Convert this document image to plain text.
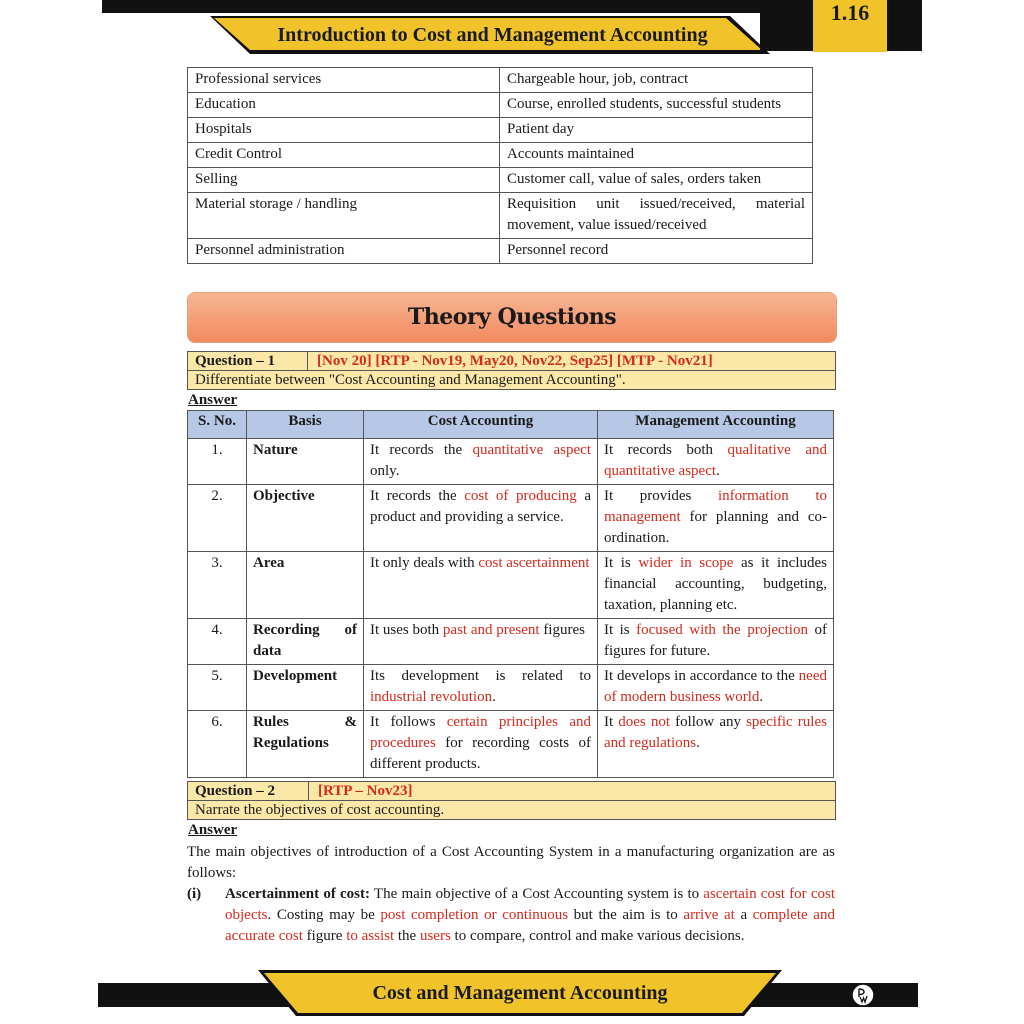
Introduction to Cost and Management Accounting
1.16
Professional services	Chargeable hour, job, contract
Education	Course, enrolled students, successful students
Hospitals	Patient day
Credit Control	Accounts maintained
Selling	Customer call, value of sales, orders taken
Material storage / handling	Requisition unit issued/received, material movement, value issued/received
Personnel administration	Personnel record
Theory Questions
Question – 1	[Nov 20] [RTP - Nov19, May20, Nov22, Sep25] [MTP - Nov21]
Differentiate between "Cost Accounting and Management Accounting".
Answer
S. No.	Basis	Cost Accounting	Management Accounting
1.	Nature	It records the quantitative aspect only.	It records both qualitative and quantitative aspect.
2.	Objective	It records the cost of producing a product and providing a service.	It provides information to management for planning and co-ordination.
3.	Area	It only deals with cost ascertainment	It is wider in scope as it includes financial accounting, budgeting, taxation, planning etc.
4.	Recording of data	It uses both past and present figures	It is focused with the projection of figures for future.
5.	Development	Its development is related to industrial revolution.	It develops in accordance to the need of modern business world.
6.	Rules & Regulations	It follows certain principles and procedures for recording costs of different products.	It does not follow any specific rules and regulations.
Question – 2	[RTP – Nov23]
Narrate the objectives of cost accounting.
Answer
The main objectives of introduction of a Cost Accounting System in a manufacturing organization are as follows:
(i) Ascertainment of cost: The main objective of a Cost Accounting system is to ascertain cost for cost objects. Costing may be post completion or continuous but the aim is to arrive at a complete and accurate cost figure to assist the users to compare, control and make various decisions.
Cost and Management Accounting
